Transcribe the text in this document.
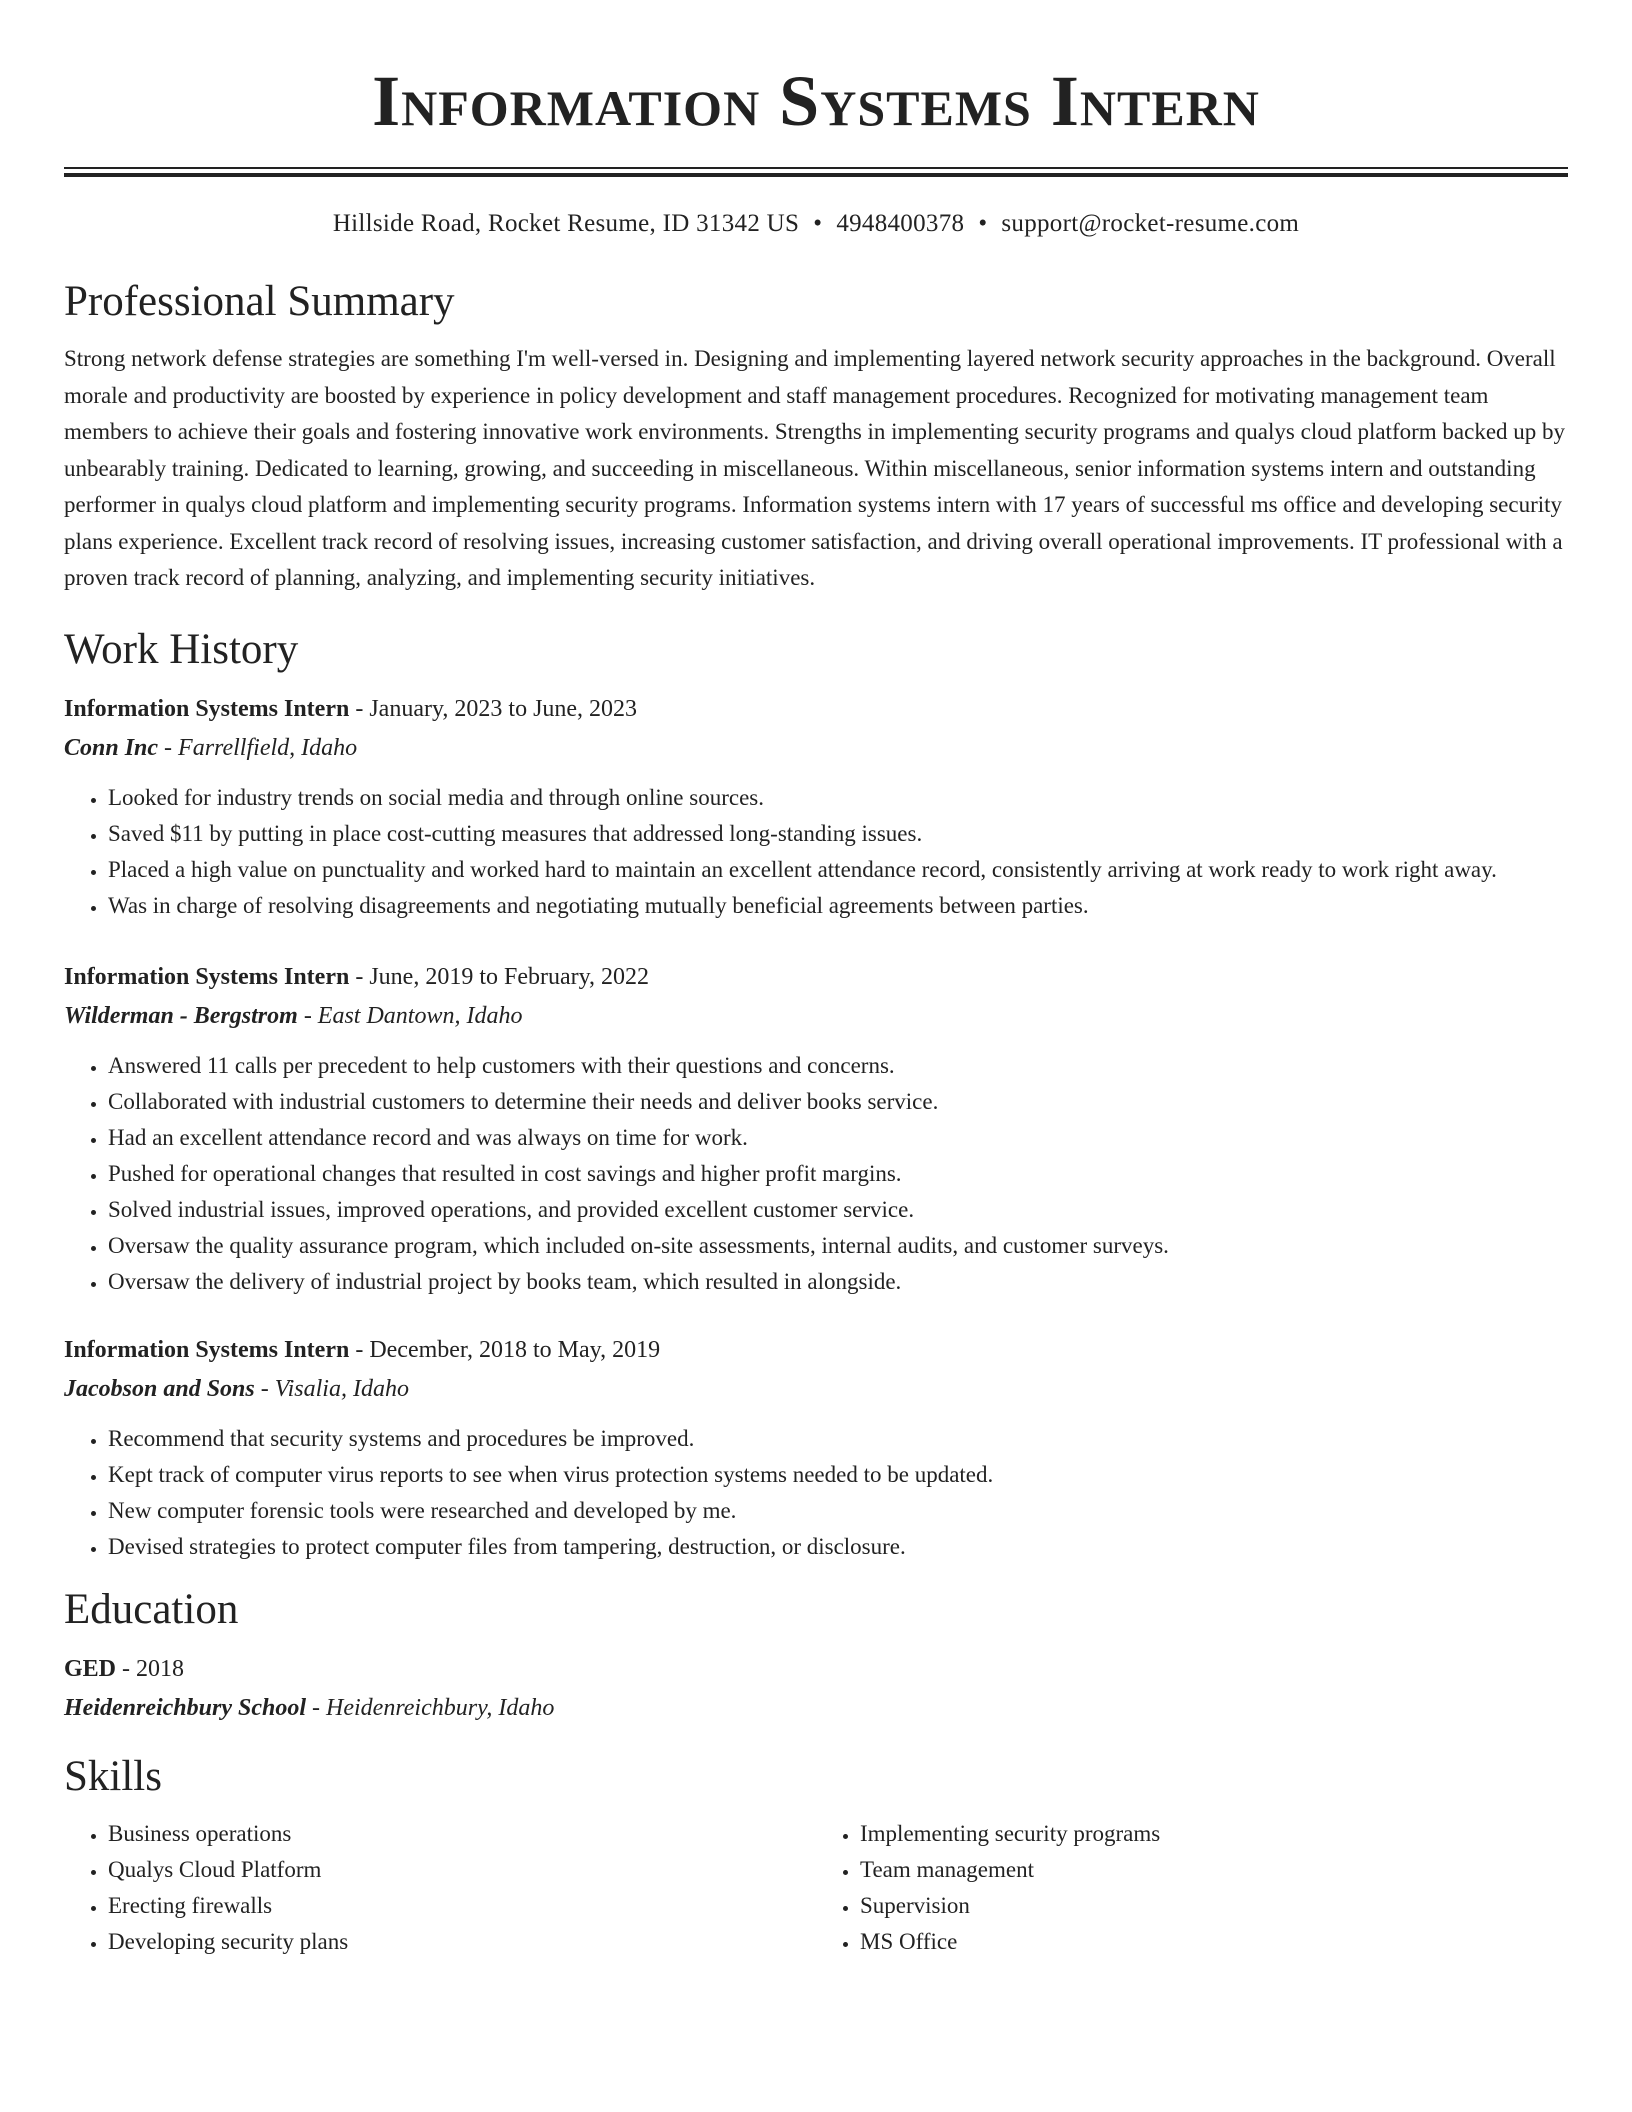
Information Systems Intern
Hillside Road, Rocket Resume, ID 31342 US • 4948400378 • support@rocket-resume.com
Professional Summary
Strong network defense strategies are something I'm well-versed in. Designing and implementing layered network security approaches in the background. Overall morale and productivity are boosted by experience in policy development and staff management procedures. Recognized for motivating management team members to achieve their goals and fostering innovative work environments. Strengths in implementing security programs and qualys cloud platform backed up by unbearably training. Dedicated to learning, growing, and succeeding in miscellaneous. Within miscellaneous, senior information systems intern and outstanding performer in qualys cloud platform and implementing security programs. Information systems intern with 17 years of successful ms office and developing security plans experience. Excellent track record of resolving issues, increasing customer satisfaction, and driving overall operational improvements. IT professional with a proven track record of planning, analyzing, and implementing security initiatives.
Work History
Information Systems Intern - January, 2023 to June, 2023
Conn Inc - Farrellfield, Idaho
• Looked for industry trends on social media and through online sources.
• Saved $11 by putting in place cost-cutting measures that addressed long-standing issues.
• Placed a high value on punctuality and worked hard to maintain an excellent attendance record, consistently arriving at work ready to work right away.
• Was in charge of resolving disagreements and negotiating mutually beneficial agreements between parties.
Information Systems Intern - June, 2019 to February, 2022
Wilderman - Bergstrom - East Dantown, Idaho
• Answered 11 calls per precedent to help customers with their questions and concerns.
• Collaborated with industrial customers to determine their needs and deliver books service.
• Had an excellent attendance record and was always on time for work.
• Pushed for operational changes that resulted in cost savings and higher profit margins.
• Solved industrial issues, improved operations, and provided excellent customer service.
• Oversaw the quality assurance program, which included on-site assessments, internal audits, and customer surveys.
• Oversaw the delivery of industrial project by books team, which resulted in alongside.
Information Systems Intern - December, 2018 to May, 2019
Jacobson and Sons - Visalia, Idaho
• Recommend that security systems and procedures be improved.
• Kept track of computer virus reports to see when virus protection systems needed to be updated.
• New computer forensic tools were researched and developed by me.
• Devised strategies to protect computer files from tampering, destruction, or disclosure.
Education
GED - 2018
Heidenreichbury School - Heidenreichbury, Idaho
Skills
• Business operations
• Qualys Cloud Platform
• Erecting firewalls
• Developing security plans
• Implementing security programs
• Team management
• Supervision
• MS Office
